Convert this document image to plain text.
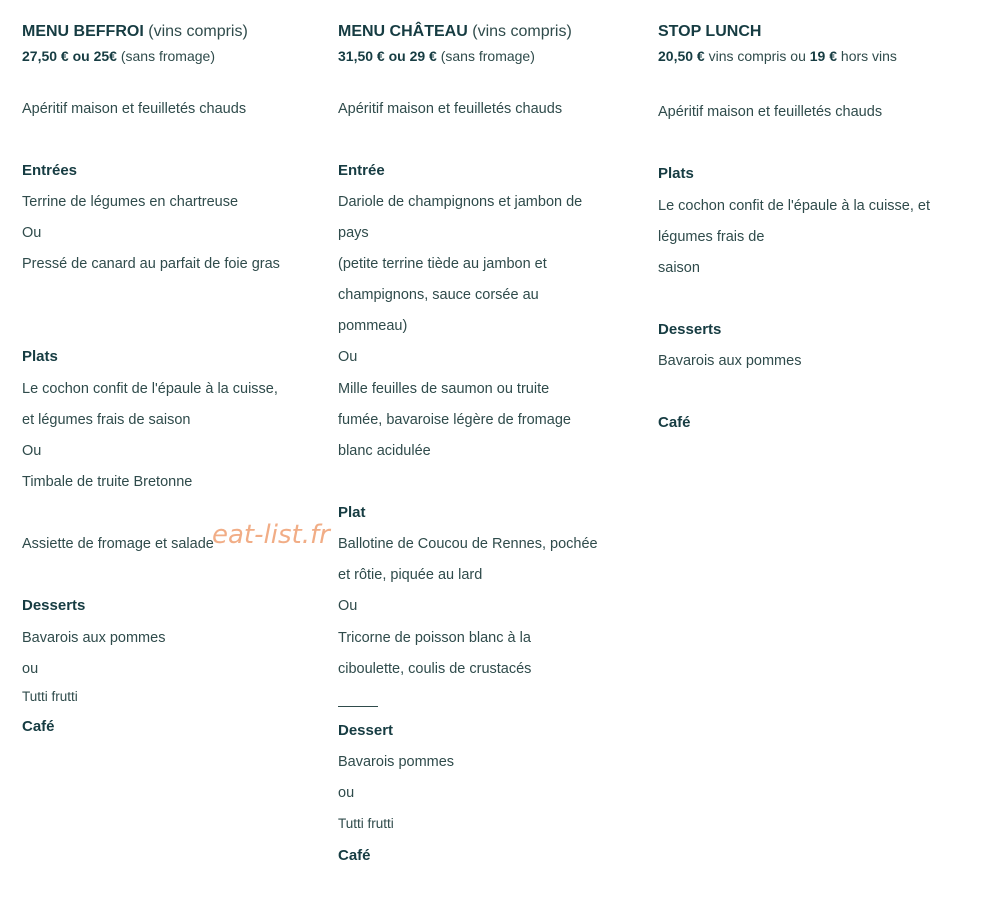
MENU BEFFROI (vins compris)

27,50 € ou 25€ (sans fromage)

Apéritif maison et feuilletés chauds
Entrées
Terrine de légumes en chartreuse
Ou
Pressé de canard au parfait de foie gras
Plats
Le cochon confit de l'épaule à la cuisse,
et légumes frais de saison
Ou
Timbale de truite Bretonne
Assiette de fromage et salade
Desserts
Bavarois aux pommes
ou
Tutti frutti
Café

MENU CHÂTEAU (vins compris)

31,50 € ou 29 € (sans fromage)

Apéritif maison et feuilletés chauds
Entrée
Dariole de champignons et jambon de
pays
(petite terrine tiède au jambon et
champignons, sauce corsée au
pommeau)
Ou
Mille feuilles de saumon ou truite
fumée, bavaroise légère de fromage
blanc acidulée
Plat
Ballotine de Coucou de Rennes, pochée
et rôtie, piquée au lard
Ou
Tricorne de poisson blanc à la
ciboulette, coulis de crustacés
Dessert
Bavarois pommes
ou
Tutti frutti
Café

STOP LUNCH

20,50 € vins compris ou 19 € hors vins

Apéritif maison et feuilletés chauds
Plats
Le cochon confit de l'épaule à la cuisse, et
légumes frais de
saison
Desserts
Bavarois aux pommes
Café
eat-list.fr
